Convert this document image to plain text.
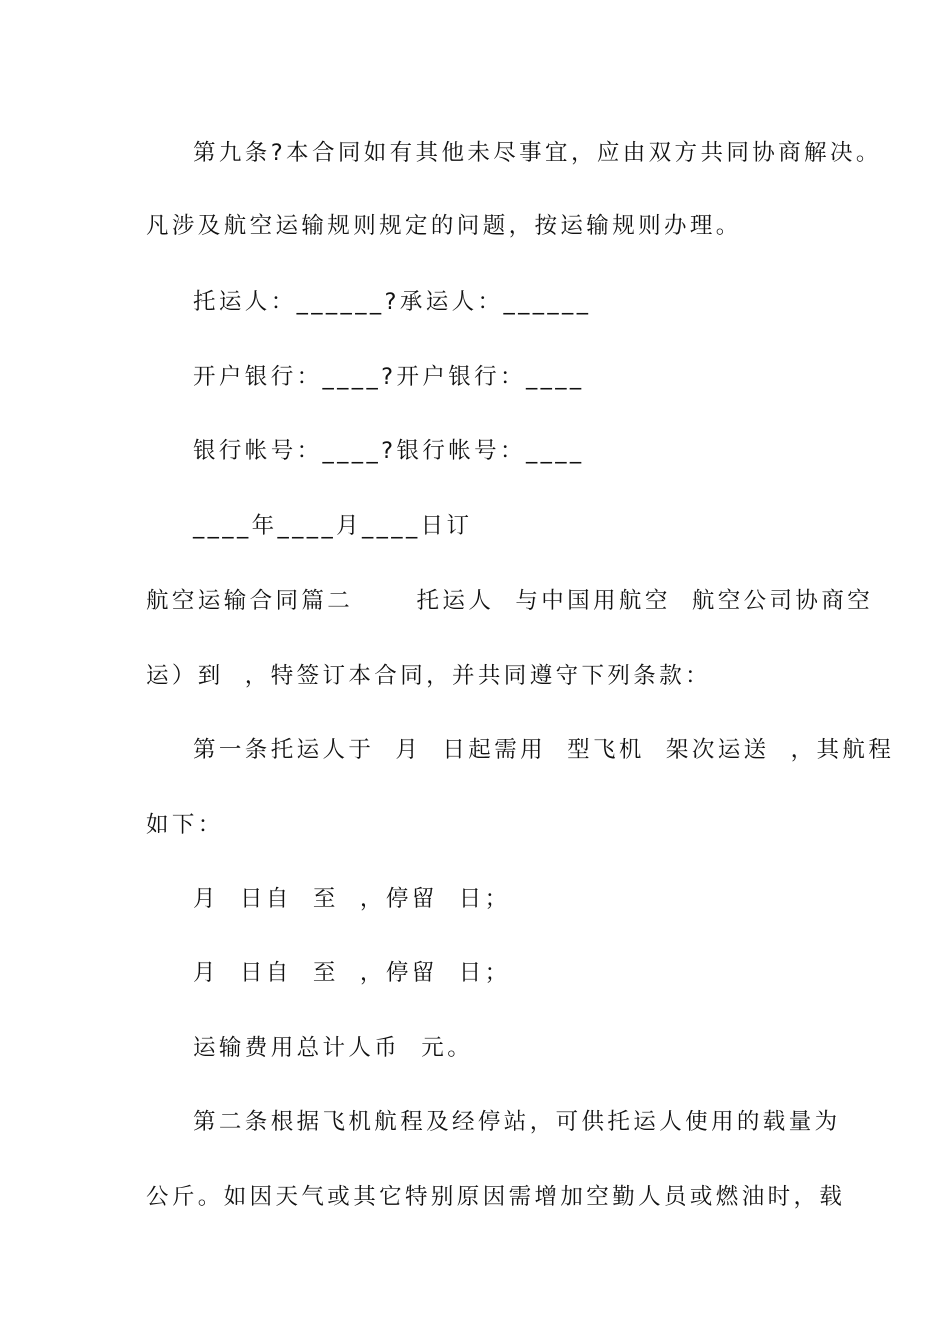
第九条?本合同如有其他未尽事宜，应由双方共同协商解决。
凡涉及航空运输规则规定的问题，按运输规则办理。
托运人：______?承运人：______
开户银行：____?开户银行：____
银行帐号：____?银行帐号：____
____年____月____日订
航空运输合同篇二      托运人  与中国用航空  航空公司协商空
运）到  ，特签订本合同，并共同遵守下列条款：
第一条托运人于  月  日起需用  型飞机  架次运送  ，其航程
如下：
月  日自  至  ，停留  日；
月  日自  至  ，停留  日；
运输费用总计人币  元。
第二条根据飞机航程及经停站，可供托运人使用的载量为
公斤。如因天气或其它特别原因需增加空勤人员或燃油时，载
